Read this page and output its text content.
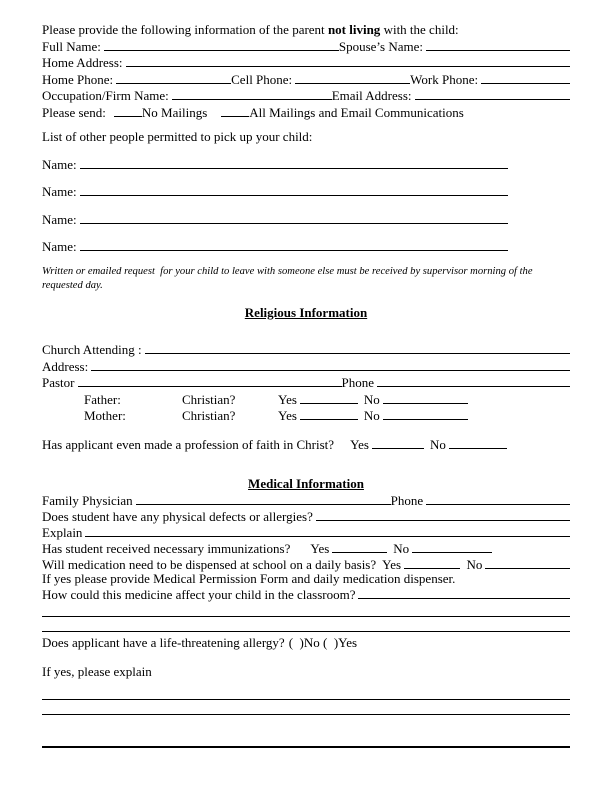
Please provide the following information of the parent not living with the child:
Full Name:	Spouse’s Name:
Home Address:
Home Phone:	Cell Phone:	Work Phone:
Occupation/Firm Name:	Email Address:
Please send:	No Mailings	All Mailings and Email Communications
List of other people permitted to pick up your child:
Name:
Name:
Name:
Name:
Written or emailed request  for your child to leave with someone else must be received by supervisor morning of the requested day.
Religious Information
Church Attending :
Address:
Pastor	Phone
Father:	Christian?	Yes	No
Mother:	Christian?	Yes	No
Has applicant even made a profession of faith in Christ? Yes	No
Medical Information
Family Physician	Phone
Does student have any physical defects or allergies?
Explain
Has student received necessary immunizations? Yes	No
Will medication need to be dispensed at school on a daily basis? Yes	No
If yes please provide Medical Permission Form and daily medication dispenser.
How could this medicine affect your child in the classroom?
Does applicant have a life-threatening allergy? (  )No (  )Yes
If yes, please explain
